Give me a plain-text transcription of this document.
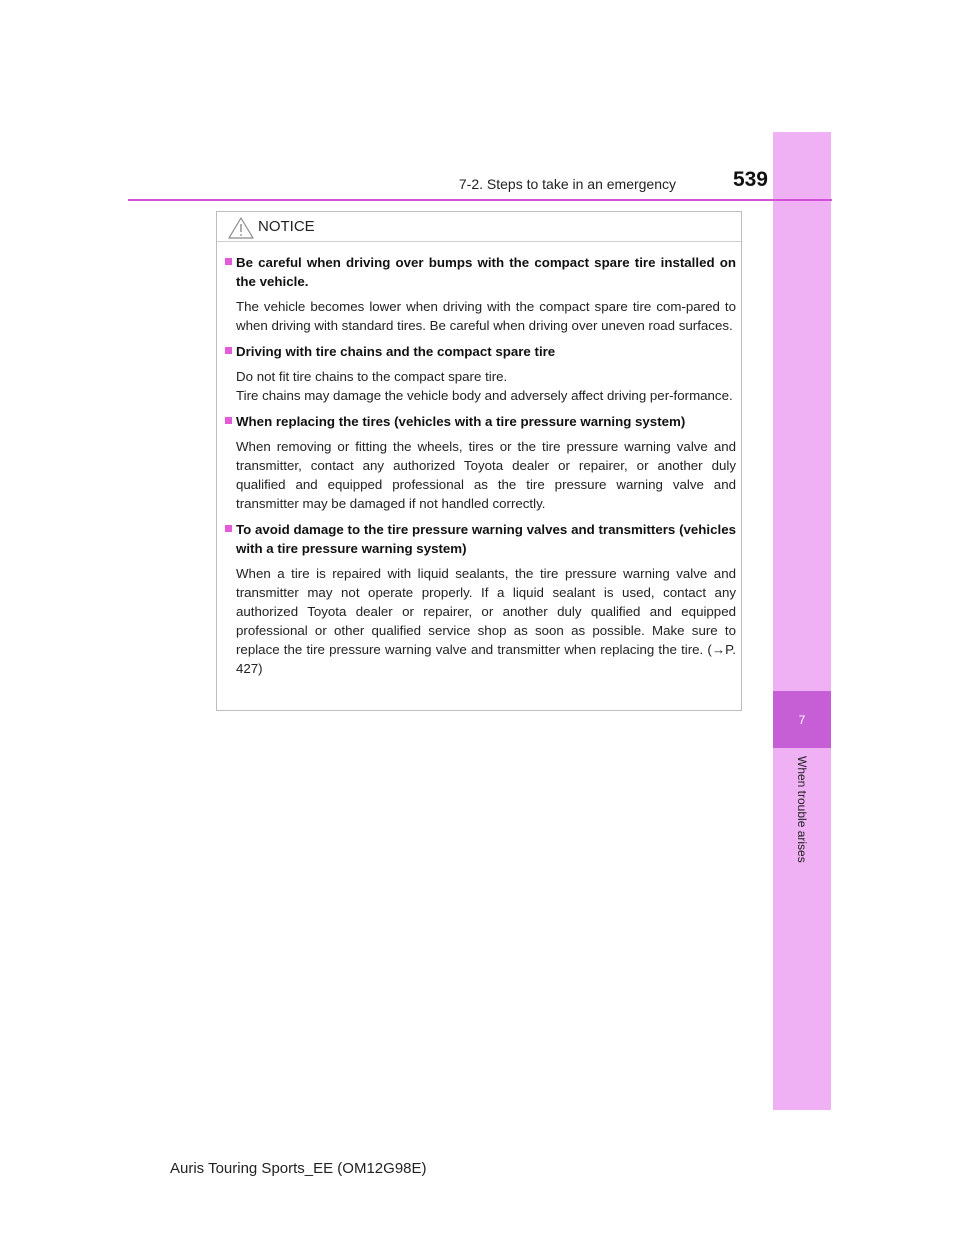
7
When trouble arises
7-2. Steps to take in an emergency	539
NOTICE
Be careful when driving over bumps with the compact spare tire installed on the vehicle.

The vehicle becomes lower when driving with the compact spare tire com-pared to when driving with standard tires. Be careful when driving over uneven road surfaces.

Driving with tire chains and the compact spare tire

Do not fit tire chains to the compact spare tire.

Tire chains may damage the vehicle body and adversely affect driving per-formance.

When replacing the tires (vehicles with a tire pressure warning system)

When removing or fitting the wheels, tires or the tire pressure warning valve and transmitter, contact any authorized Toyota dealer or repairer, or another duly qualified and equipped professional as the tire pressure warning valve and transmitter may be damaged if not handled correctly.

To avoid damage to the tire pressure warning valves and transmitters (vehicles with a tire pressure warning system)

When a tire is repaired with liquid sealants, the tire pressure warning valve and transmitter may not operate properly. If a liquid sealant is used, contact any authorized Toyota dealer or repairer, or another duly qualified and equipped professional or other qualified service shop as soon as possible. Make sure to replace the tire pressure warning valve and transmitter when replacing the tire. (→P. 427)

Auris Touring Sports_EE (OM12G98E)
